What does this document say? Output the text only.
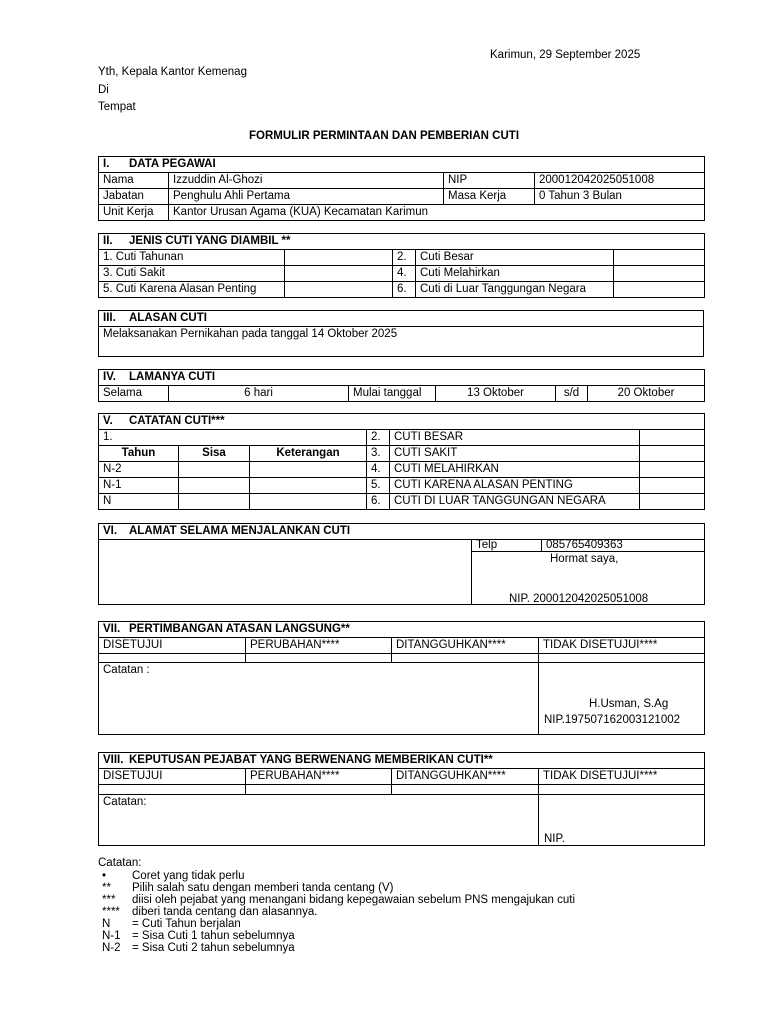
Karimun, 29 September 2025
Yth, Kepala Kantor Kemenag
Di
Tempat
FORMULIR PERMINTAAN DAN PEMBERIAN CUTI
I. DATA PEGAWAI			
Nama	Izzuddin Al-Ghozi	NIP	200012042025051008
Jabatan	Penghulu Ahli Pertama	Masa Kerja	0 Tahun 3 Bulan
Unit Kerja	Kantor Urusan Agama (KUA) Kecamatan Karimun		
II. JENIS CUTI YANG DIAMBIL **				
1. Cuti Tahunan		2.	Cuti Besar	
3. Cuti Sakit		4.	Cuti Melahirkan	
5. Cuti Karena Alasan Penting		6.	Cuti di Luar Tanggungan Negara	
III. ALASAN CUTI
Melaksanakan Pernikahan pada tanggal 14 Oktober 2025
IV. LAMANYA CUTI
Selama	6 hari	Mulai tanggal	13 Oktober	s/d	20 Oktober
V. CATATAN CUTI***					
1.			2.	CUTI BESAR	
Tahun	Sisa	Keterangan	3.	CUTI SAKIT	
N-2			4.	CUTI MELAHIRKAN	
N-1			5.	CUTI KARENA ALASAN PENTING	
N			6.	CUTI DI LUAR TANGGUNGAN NEGARA	
VI. ALAMAT SELAMA MENJALANKAN CUTI
	Telp	085765409363

Hormat saya,
NIP. 200012042025051008
VII. PERTIMBANGAN ATASAN LANGSUNG**			
DISETUJUI	PERUBAHAN****	DITANGGUHKAN****	TIDAK DISETUJUI****

Catatan :			H.Usman, S.Ag
NIP.197507162003121002
VIII. KEPUTUSAN PEJABAT YANG BERWENANG MEMBERIKAN CUTI**			
DISETUJUI	PERUBAHAN****	DITANGGUHKAN****	TIDAK DISETUJUI****

Catatan:			NIP.
Catatan:
•	Coret yang tidak perlu
**	Pilih salah satu dengan memberi tanda centang (V)
***	diisi oleh pejabat yang menangani bidang kepegawaian sebelum PNS mengajukan cuti
****	diberi tanda centang dan alasannya.
N	= Cuti Tahun berjalan
N-1 = Sisa Cuti 1 tahun sebelumnya
N-2 = Sisa Cuti 2 tahun sebelumnya
